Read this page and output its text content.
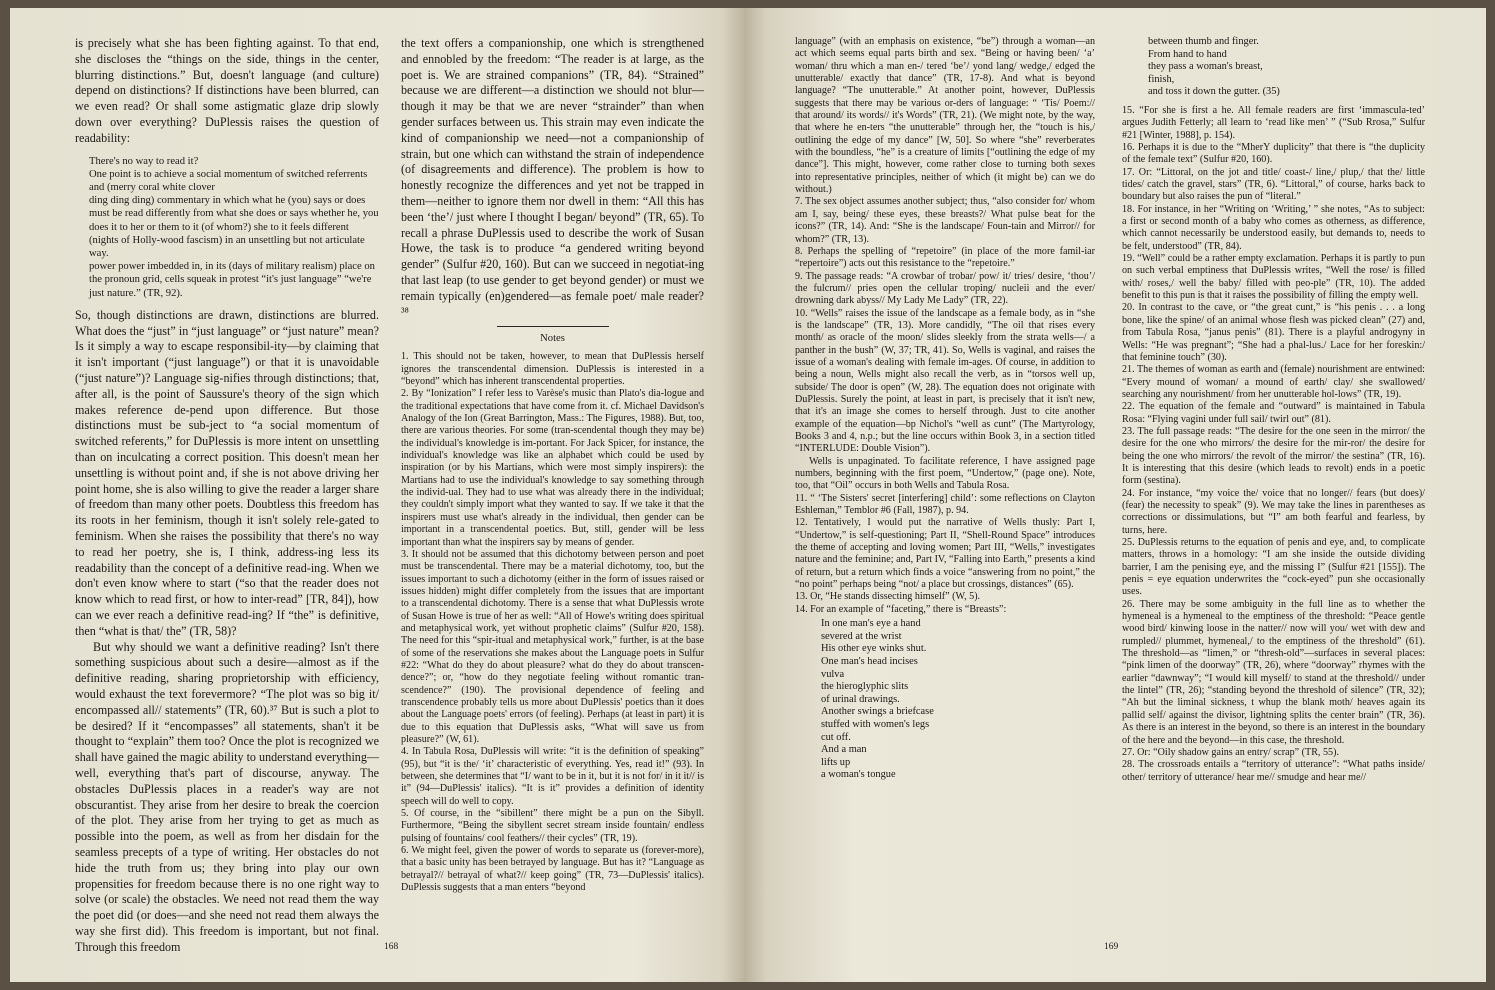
is precisely what she has been fighting against. To that end, she discloses the “things on the side, things in the center, blurring distinctions.” But, doesn't language (and culture) depend on distinctions? If distinctions have been blurred, can we even read? Or shall some astigmatic glaze drip slowly down over everything? DuPlessis raises the question of readability:

There's no way to read it?
One point is to achieve a social momentum of switched referrents and (merry coral white clover
ding ding ding) commentary in which what he (you) says or does must be read differently from what she does or says whether he, you does it to her or them to it (of whom?) she to it feels different (nights of Holly-wood fascism) in an unsettling but not articulate way.
power power imbedded in, in its (days of military realism) place on the pronoun grid, cells squeak in protest “it's just language” “we're just nature.” (TR, 92).

So, though distinctions are drawn, distinctions are blurred. What does the “just” in “just language” or “just nature” mean? Is it simply a way to escape responsibil-ity—by claiming that it isn't important (“just language”) or that it is unavoidable (“just nature”)? Language sig-nifies through distinctions; that, after all, is the point of Saussure's theory of the sign which makes reference de-pend upon difference. But those distinctions must be sub-ject to “a social momentum of switched referents,” for DuPlessis is more intent on unsettling than on inculcating a correct position. This doesn't mean her unsettling is without point and, if she is not above driving her point home, she is also willing to give the reader a larger share of freedom than many other poets. Doubtless this freedom has its roots in her feminism, though it isn't solely rele-gated to feminism. When she raises the possibility that there's no way to read her poetry, she is, I think, address-ing less its readability than the concept of a definitive read-ing. When we don't even know where to start (“so that the reader does not know which to read first, or how to inter-read” [TR, 84]), how can we ever reach a definitive read-ing? If “the” is definitive, then “what is that/ the” (TR, 58)?

But why should we want a definitive reading? Isn't there something suspicious about such a desire—almost as if the definitive reading, sharing proprietorship with efficiency, would exhaust the text forevermore? “The plot was so big it/ encompassed all// statements” (TR, 60).³⁷ But is such a plot to be desired? If it “encompasses” all statements, shan't it be thought to “explain” them too? Once the plot is recognized we shall have gained the magic ability to understand everything—well, everything that's part of discourse, anyway. The obstacles DuPlessis places in a reader's way are not obscurantist. They arise from her desire to break the coercion of the plot. They arise from her trying to get as much as possible into the poem, as well as from her disdain for the seamless precepts of a type of writing. Her obstacles do not hide the truth from us; they bring into play our own propensities for freedom because there is no one right way to solve (or scale) the obstacles. We need not read them the way the poet did (or does—and she need not read them always the way she first did). This freedom is important, but not final. Through this freedom

the text offers a companionship, one which is strengthened and ennobled by the freedom: “The reader is at large, as the poet is. We are strained companions” (TR, 84). “Strained” because we are different—a distinction we should not blur—though it may be that we are never “strainder” than when gender surfaces between us. This strain may even indicate the kind of companionship we need—not a companionship of strain, but one which can withstand the strain of independence (of disagreements and difference). The problem is how to honestly recognize the differences and yet not be trapped in them—neither to ignore them nor dwell in them: “All this has been ‘the’/ just where I thought I began/ beyond” (TR, 65). To recall a phrase DuPlessis used to describe the work of Susan Howe, the task is to produce “a gendered writing beyond gender” (Sulfur #20, 160). But can we succeed in negotiat-ing that last leap (to use gender to get beyond gender) or must we remain typically (en)gendered—as female poet/ male reader?³⁸

Notes

1. This should not be taken, however, to mean that DuPlessis herself ignores the transcendental dimension. DuPlessis is interested in a “beyond” which has inherent transcendental properties.

2. By “Ionization” I refer less to Varèse's music than Plato's dia-logue and the traditional expectations that have come from it. cf. Michael Davidson's Analogy of the Ion (Great Barrington, Mass.: The Figures, 1988). But, too, there are various theories. For some (tran-scendental though they may be) the individual's knowledge is im-portant. For Jack Spicer, for instance, the individual's knowledge was like an alphabet which could be used by inspiration (or by his Martians, which were most simply inspirers): the Martians had to use the individual's knowledge to say something through the individ-ual. They had to use what was already there in the individual; they couldn't simply import what they wanted to say. If we take it that the inspirers must use what's already in the individual, then gender can be important in a transcendental poetics. But, still, gender will be less important than what the inspirers say by means of gender.

3. It should not be assumed that this dichotomy between person and poet must be transcendental. There may be a material dichotomy, too, but the issues important to such a dichotomy (either in the form of issues raised or issues hidden) might differ completely from the issues that are important to a transcendental dichotomy. There is a sense that what DuPlessis wrote of Susan Howe is true of her as well: “All of Howe's writing does spiritual and metaphysical work, yet without prophetic claims” (Sulfur #20, 158). The need for this “spir-itual and metaphysical work,” further, is at the base of some of the reservations she makes about the Language poets in Sulfur #22: “What do they do about pleasure? what do they do about transcen-dence?”; or, “how do they negotiate feeling without romantic tran-scendence?” (190). The provisional dependence of feeling and transcendence probably tells us more about DuPlessis' poetics than it does about the Language poets' errors (of feeling). Perhaps (at least in part) it is due to this equation that DuPlessis asks, “What will save us from pleasure?” (W, 61).

4. In Tabula Rosa, DuPlessis will write: “it is the definition of speaking” (95), but “it is the/ ‘it’ characteristic of everything. Yes, read it!” (93). In between, she determines that “I/ want to be in it, but it is not for/ in it it// is it” (94—DuPlessis' italics). “It is it” provides a definition of identity speech will do well to copy.

5. Of course, in the “sibillent” there might be a pun on the Sibyll. Furthermore, “Being the sibyllent secret stream inside fountain/ endless pulsing of fountains/ cool feathers// their cycles” (TR, 19).

6. We might feel, given the power of words to separate us (forever-more), that a basic unity has been betrayed by language. But has it? “Language as betrayal?// betrayal of what?// keep going” (TR, 73—DuPlessis' italics). DuPlessis suggests that a man enters “beyond

168

language” (with an emphasis on existence, “be”) through a woman—an act which seems equal parts birth and sex. “Being or having been/ ‘a’ woman/ thru which a man en-/ tered ‘be’/ yond lang/ wedge,/ edged the unutterable/ exactly that dance” (TR, 17-8). And what is beyond language? “The unutterable.” At another point, however, DuPlessis suggests that there may be various or-ders of language: “ ‘Tis/ Poem:// that around/ its words// it's Words” (TR, 21). (We might note, by the way, that where he en-ters “the unutterable” through her, the “touch is his,/ outlining the edge of my dance” [W, 50]. So where “she” reverberates with the boundless, “he” is a creature of limits [“outlining the edge of my dance”]. This might, however, come rather close to turning both sexes into representative principles, neither of which (it might be) can we do without.)

7. The sex object assumes another subject; thus, “also consider for/ whom am I, say, being/ these eyes, these breasts?/ What pulse beat for the icons?” (TR, 14). And: “She is the landscape/ Foun-tain and Mirror// for whom?” (TR, 13).

8. Perhaps the spelling of “repetoire” (in place of the more famil-iar “repertoire”) acts out this resistance to the “repetoire.”

9. The passage reads: “A crowbar of trobar/ pow/ it/ tries/ desire, ‘thou’/ the fulcrum// pries open the cellular troping/ nucleii and the ever/ drowning dark abyss// My Lady Me Lady” (TR, 22).

10. “Wells” raises the issue of the landscape as a female body, as in “she is the landscape” (TR, 13). More candidly, “The oil that rises every month/ as oracle of the moon/ slides sleekly from the strata wells—/ a panther in the bush” (W, 37; TR, 41). So, Wells is vaginal, and raises the issue of a woman's dealing with female im-ages. Of course, in addition to being a noun, Wells might also recall the verb, as in “torsos well up, subside/ The door is open” (W, 28). The equation does not originate with DuPlessis. Surely the point, at least in part, is precisely that it isn't new, that it's an image she comes to herself through. Just to cite another example of the equation—bp Nichol's “well as cunt” (The Martyrology, Books 3 and 4, n.p.; but the line occurs within Book 3, in a section titled “INTERLUDE: Double Vision”).

Wells is unpaginated. To facilitate reference, I have assigned page numbers, beginning with the first poem, “Undertow,” (page one). Note, too, that “Oil” occurs in both Wells and Tabula Rosa.

11. “ ‘The Sisters' secret [interfering] child’: some reflections on Clayton Eshleman,” Temblor #6 (Fall, 1987), p. 94.

12. Tentatively, I would put the narrative of Wells thusly: Part I, “Undertow,” is self-questioning; Part II, “Shell-Round Space” introduces the theme of accepting and loving women; Part III, “Wells,” investigates nature and the feminine; and, Part IV, “Falling into Earth,” presents a kind of return, but a return which finds a voice “answering from no point,” the “no point” perhaps being “not/ a place but crossings, distances” (65).

13. Or, “He stands dissecting himself” (W, 5).

14. For an example of “faceting,” there is “Breasts”:

In one man's eye a hand
severed at the wrist
His other eye winks shut.
One man's head incises
vulva
the hieroglyphic slits
of urinal drawings.
Another swings a briefcase
stuffed with women's legs
cut off.
And a man
lifts up
a woman's tongue
between thumb and finger.
From hand to hand
they pass a woman's breast,
finish,
and toss it down the gutter. (35)

15. “For she is first a he. All female readers are first ‘immascula-ted’ argues Judith Fetterly; all learn to ‘read like men’ ” (“Sub Rrosa,” Sulfur #21 [Winter, 1988], p. 154).

16. Perhaps it is due to the “MherY duplicity” that there is “the duplicity of the female text” (Sulfur #20, 160).

17. Or: “Littoral, on the jot and title/ coast-/ line,/ plup,/ that the/ little tides/ catch the gravel, stars” (TR, 6). “Littoral,” of course, harks back to boundary but also raises the pun of “literal.”

18. For instance, in her “Writing on ‘Writing,’ ” she notes, “As to subject: a first or second month of a baby who comes as otherness, as difference, which cannot necessarily be understood easily, but demands to, needs to be felt, understood” (TR, 84).

19. “Well” could be a rather empty exclamation. Perhaps it is partly to pun on such verbal emptiness that DuPlessis writes, “Well the rose/ is filled with/ roses,/ well the baby/ filled with peo-ple” (TR, 10). The added benefit to this pun is that it raises the possibility of filling the empty well.

20. In contrast to the cave, or “the great cunt,” is “his penis . . . a long bone, like the spine/ of an animal whose flesh was picked clean” (27) and, from Tabula Rosa, “janus penis” (81). There is a playful androgyny in Wells: “He was pregnant”; “She had a phal-lus./ Lace for her foreskin:/ that feminine touch” (30).

21. The themes of woman as earth and (female) nourishment are entwined: “Every mound of woman/ a mound of earth/ clay/ she swallowed/ searching any nourishment/ from her unutterable hol-lows” (TR, 19).

22. The equation of the female and “outward” is maintained in Tabula Rosa: “Flying vagini under full sail/ twirl out” (81).

23. The full passage reads: “The desire for the one seen in the mirror/ the desire for the one who mirrors/ the desire for the mir-ror/ the desire for being the one who mirrors/ the revolt of the mirror/ the sestina” (TR, 16). It is interesting that this desire (which leads to revolt) ends in a poetic form (sestina).

24. For instance, “my voice the/ voice that no longer// fears (but does)/ (fear) the necessity to speak” (9). We may take the lines in parentheses as corrections or dissimulations, but “I” am both fearful and fearless, by turns, here.

25. DuPlessis returns to the equation of penis and eye, and, to complicate matters, throws in a homology: “I am she inside the outside dividing barrier, I am the penising eye, and the missing I” (Sulfur #21 [155]). The penis = eye equation underwrites the “cock-eyed” pun she occasionally uses.

26. There may be some ambiguity in the full line as to whether the hymeneal is a hymeneal to the emptiness of the threshold: “Peace gentle wood bird/ kinwing loose in the natter// now will you/ wet with dew and rumpled// plummet, hymeneal,/ to the emptiness of the threshold” (61). The threshold—as “limen,” or “thresh-old”—surfaces in several places: “pink limen of the doorway” (TR, 26), where “doorway” rhymes with the earlier “dawnway”; “I would kill myself/ to stand at the threshold// under the lintel” (TR, 26); “standing beyond the threshold of silence” (TR, 32); “Ah but the liminal sickness, t whup the blank moth/ heaves again its pallid self/ against the divisor, lightning splits the center brain” (TR, 36). As there is an interest in the beyond, so there is an interest in the boundary of the here and the beyond—in this case, the threshold.

27. Or: “Oily shadow gains an entry/ scrap” (TR, 55).

28. The crossroads entails a “territory of utterance”: “What paths inside/ other/ territory of utterance/ hear me// smudge and hear me//

169
